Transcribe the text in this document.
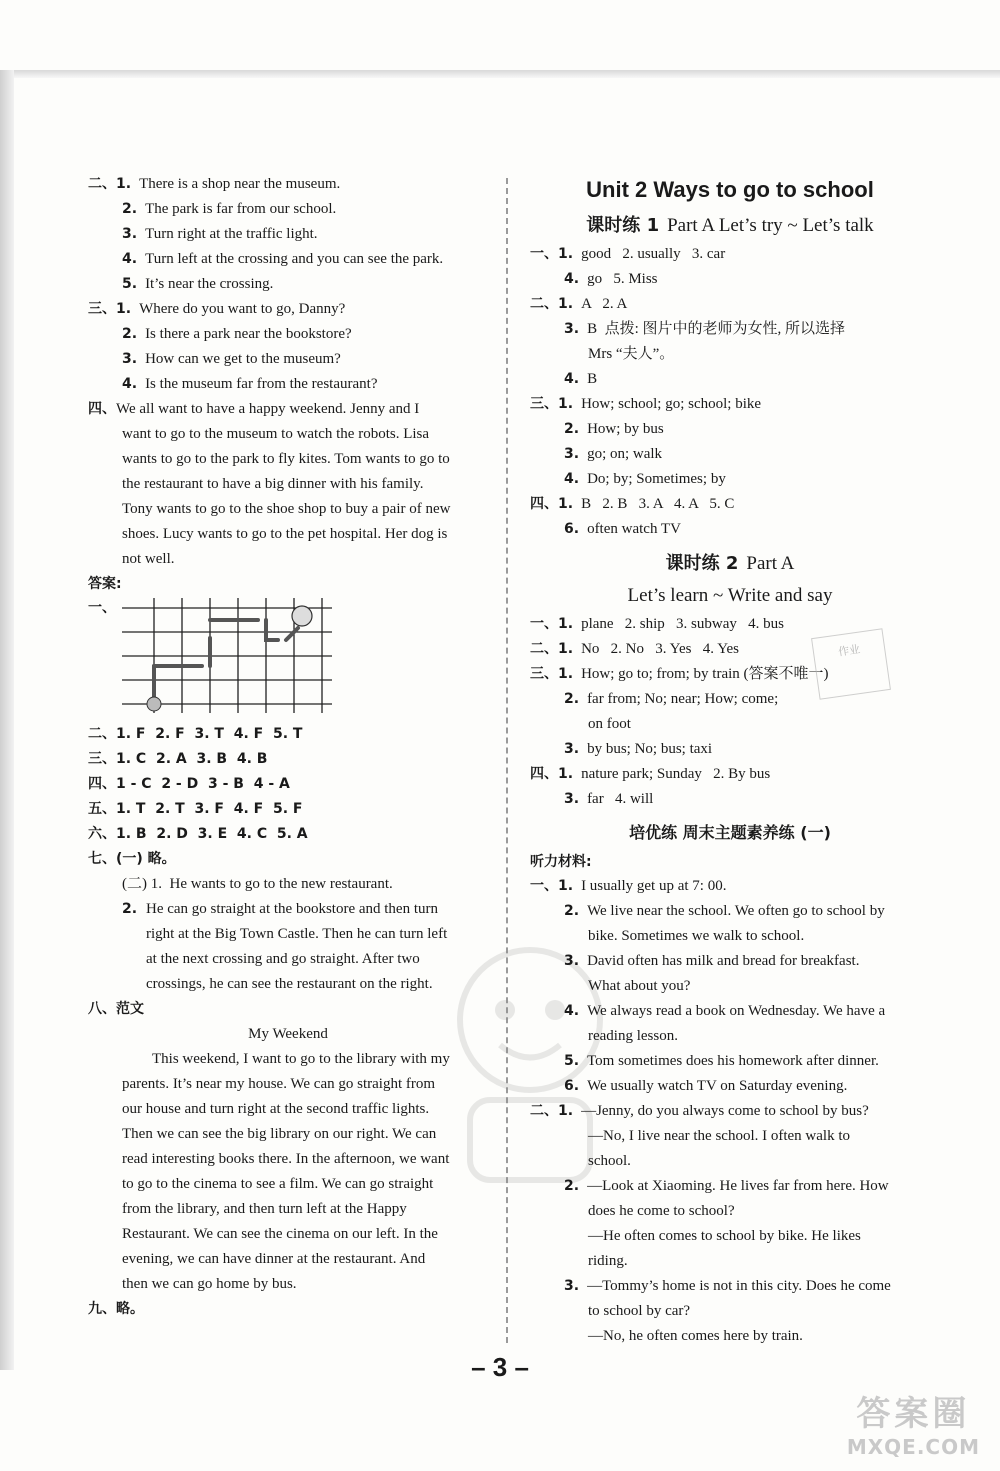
二、1. There is a shop near the museum.
2. The park is far from our school.
3. Turn right at the traffic light.
4. Turn left at the crossing and you can see the park.
5. It’s near the crossing.
三、1. Where do you want to go, Danny?
2. Is there a park near the bookstore?
3. How can we get to the museum?
4. Is the museum far from the restaurant?
四、We all want to have a happy weekend. Jenny and I
want to go to the museum to watch the robots. Lisa
wants to go to the park to fly kites. Tom wants to go to
the restaurant to have a big dinner with his family.
Tony wants to go to the shoe shop to buy a pair of new
shoes. Lucy wants to go to the pet hospital. Her dog is
not well.
答案:
一、
二、1. F  2. F  3. T  4. F  5. T
三、1. C  2. A  3. B  4. B
四、1 - C  2 - D  3 - B  4 - A
五、1. T  2. T  3. F  4. F  5. F
六、1. B  2. D  3. E  4. C  5. A
七、(一) 略。
(二) 1.  He wants to go to the new restaurant.
2. He can go straight at the bookstore and then turn
right at the Big Town Castle. Then he can turn left
at the next crossing and go straight. After two
crossings, he can see the restaurant on the right.
八、范文
My Weekend
This weekend, I want to go to the library with my
parents. It’s near my house. We can go straight from
our house and turn right at the second traffic lights.
Then we can see the big library on our right. We can
read interesting books there. In the afternoon, we want
to go to the cinema to see a film. We can go straight
from the library, and then turn left at the Happy
Restaurant. We can see the cinema on our left. In the
evening, we can have dinner at the restaurant. And
then we can go home by bus.
九、略。
Unit 2 Ways to go to school
课时练 1 Part A Let’s try ~ Let’s talk
一、1. good   2. usually   3. car
4. go   5. Miss
二、1. A   2. A
3. B  点拨: 图片中的老师为女性, 所以选择
Mrs “夫人”。
4. B
三、1. How; school; go; school; bike
2. How; by bus
3. go; on; walk
4. Do; by; Sometimes; by
四、1. B   2. B   3. A   4. A   5. C
6. often watch TV
课时练 2 Part A
Let’s learn ~ Write and say
一、1. plane   2. ship   3. subway   4. bus
二、1. No   2. No   3. Yes   4. Yes
三、1. How; go to; from; by train (答案不唯一)
2. far from; No; near; How; come;
on foot
3. by bus; No; bus; taxi
四、1. nature park; Sunday   2. By bus
3. far   4. will
培优练 周末主题素养练 (一)
听力材料:
一、1. I usually get up at 7: 00.
2. We live near the school. We often go to school by
bike. Sometimes we walk to school.
3. David often has milk and bread for breakfast.
What about you?
4. We always read a book on Wednesday. We have a
reading lesson.
5. Tom sometimes does his homework after dinner.
6. We usually watch TV on Saturday evening.
二、1. —Jenny, do you always come to school by bus?
—No, I live near the school. I often walk to
school.
2. —Look at Xiaoming. He lives far from here. How
does he come to school?
—He often comes to school by bike. He likes
riding.
3. —Tommy’s home is not in this city. Does he come
to school by car?
—No, he often comes here by train.
作业
– 3 –
答案圈
MXQE.COM
